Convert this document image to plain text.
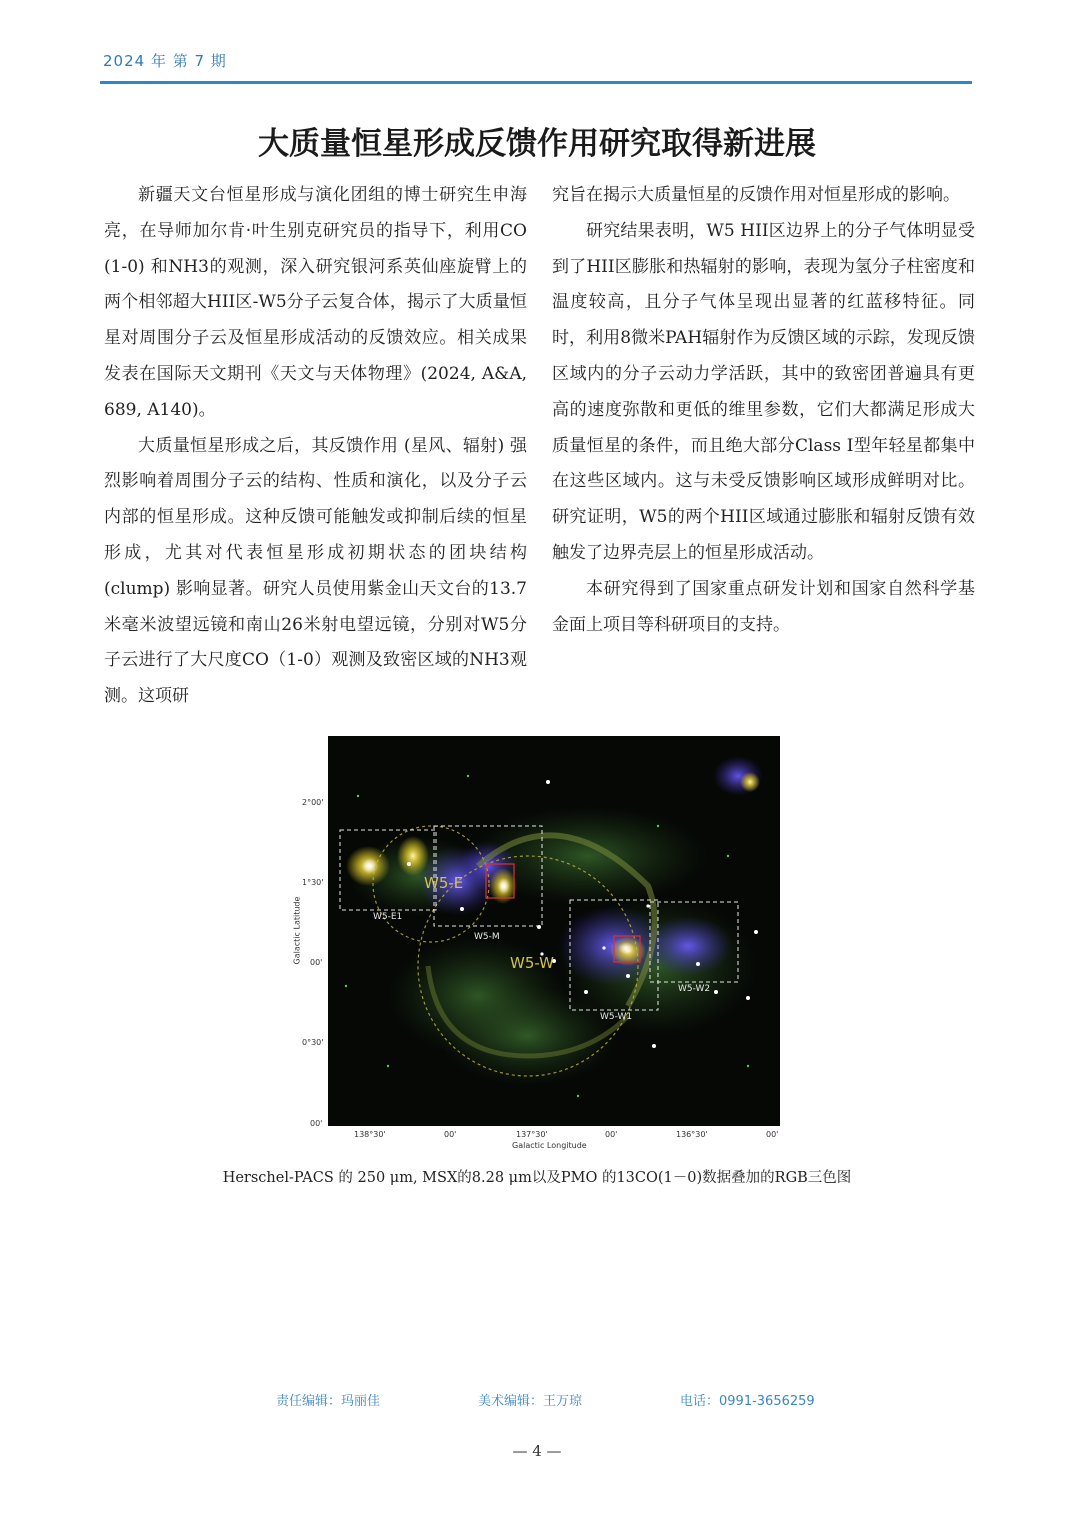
2024 年 第 7 期
大质量恒星形成反馈作用研究取得新进展

新疆天文台恒星形成与演化团组的博士研究生申海亮，在导师加尔肯·叶生别克研究员的指导下，利用CO (1-0) 和NH3的观测，深入研究银河系英仙座旋臂上的两个相邻超大HII区-W5分子云复合体，揭示了大质量恒星对周围分子云及恒星形成活动的反馈效应。相关成果发表在国际天文期刊《天文与天体物理》(2024, A&A, 689, A140)。

大质量恒星形成之后，其反馈作用 (星风、辐射) 强烈影响着周围分子云的结构、性质和演化，以及分子云内部的恒星形成。这种反馈可能触发或抑制后续的恒星形成，尤其对代表恒星形成初期状态的团块结构 (clump) 影响显著。研究人员使用紫金山天文台的13.7米毫米波望远镜和南山26米射电望远镜，分别对W5分子云进行了大尺度CO（1-0）观测及致密区域的NH3观测。这项研

究旨在揭示大质量恒星的反馈作用对恒星形成的影响。

研究结果表明，W5 HII区边界上的分子气体明显受到了HII区膨胀和热辐射的影响，表现为氢分子柱密度和温度较高，且分子气体呈现出显著的红蓝移特征。同时，利用8微米PAH辐射作为反馈区域的示踪，发现反馈区域内的分子云动力学活跃，其中的致密团普遍具有更高的速度弥散和更低的维里参数，它们大都满足形成大质量恒星的条件，而且绝大部分Class I型年轻星都集中在这些区域内。这与未受反馈影响区域形成鲜明对比。研究证明，W5的两个HII区域通过膨胀和辐射反馈有效触发了边界壳层上的恒星形成活动。

本研究得到了国家重点研发计划和国家自然科学基金面上项目等科研项目的支持。

W5-E1
W5-M
W5-W1
W5-W2
W5-E
W5-W
2°00'
1°30'
00'
0°30'
00'
138°30'	00'	137°30'	00'	136°30'	00'
Galactic Longitude
Galactic Latitude
Herschel-PACS 的 250 μm, MSX的8.28 μm以及PMO 的13CO(1－0)数据叠加的RGB三色图
责任编辑：玛丽佳	美术编辑：王万琼	电话：0991-3656259
— 4 —
